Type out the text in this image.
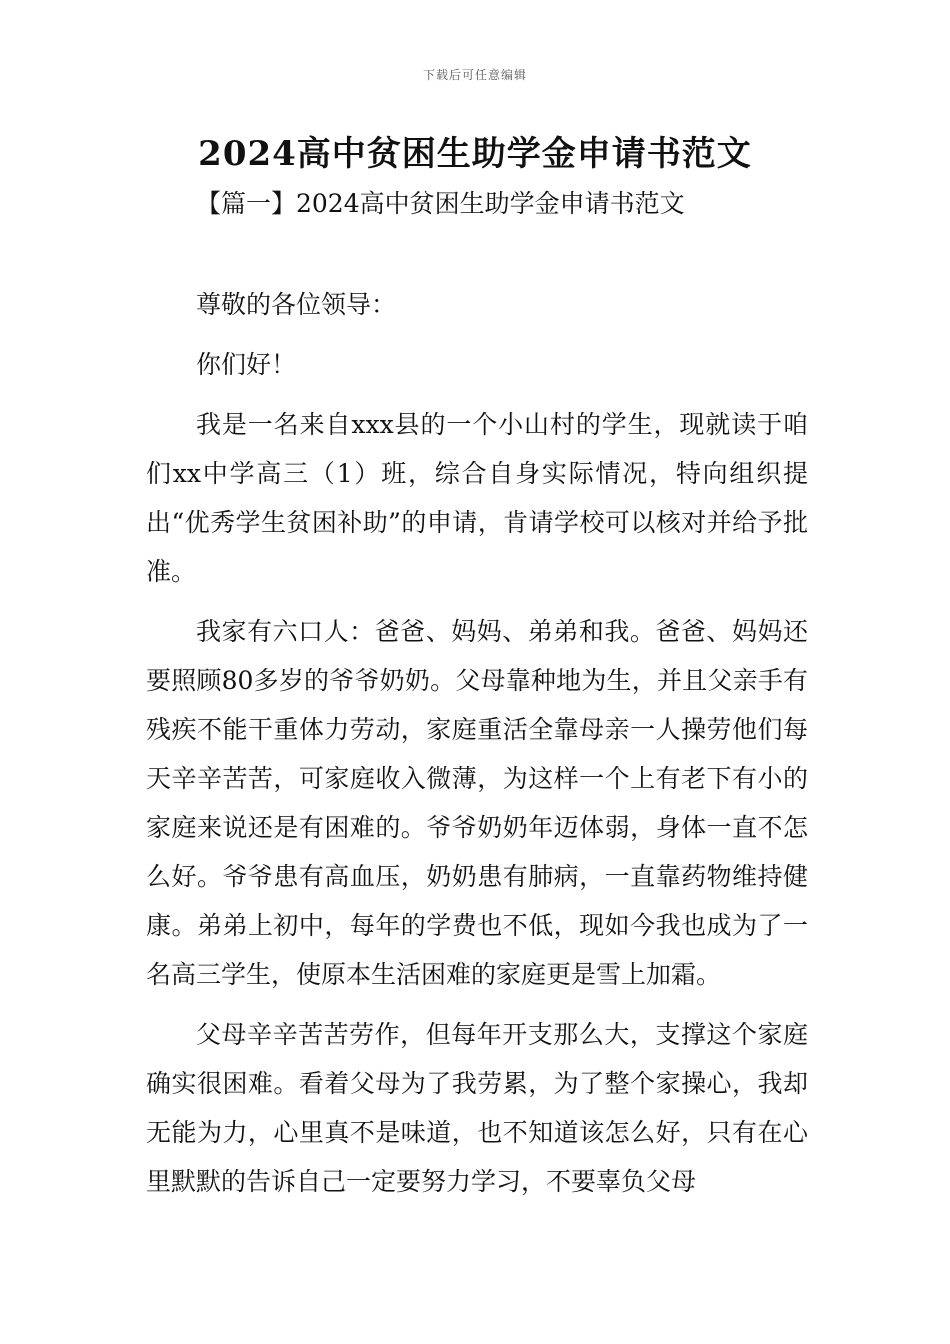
下载后可任意编辑
2024高中贫困生助学金申请书范文
【篇一】2024高中贫困生助学金申请书范文

尊敬的各位领导：

你们好！

我是一名来自xxx县的一个小山村的学生，现就读于咱们xx中学高三（1）班，综合自身实际情况，特向组织提出“优秀学生贫困补助”的申请，肯请学校可以核对并给予批准。

我家有六口人：爸爸、妈妈、弟弟和我。爸爸、妈妈还要照顾80多岁的爷爷奶奶。父母靠种地为生，并且父亲手有残疾不能干重体力劳动，家庭重活全靠母亲一人操劳他们每天辛辛苦苦，可家庭收入微薄，为这样一个上有老下有小的家庭来说还是有困难的。爷爷奶奶年迈体弱，身体一直不怎么好。爷爷患有高血压，奶奶患有肺病，一直靠药物维持健康。弟弟上初中，每年的学费也不低，现如今我也成为了一名高三学生，使原本生活困难的家庭更是雪上加霜。

父母辛辛苦苦劳作，但每年开支那么大，支撑这个家庭确实很困难。看着父母为了我劳累，为了整个家操心，我却无能为力，心里真不是味道，也不知道该怎么好，只有在心里默默的告诉自己一定要努力学习，不要辜负父母
